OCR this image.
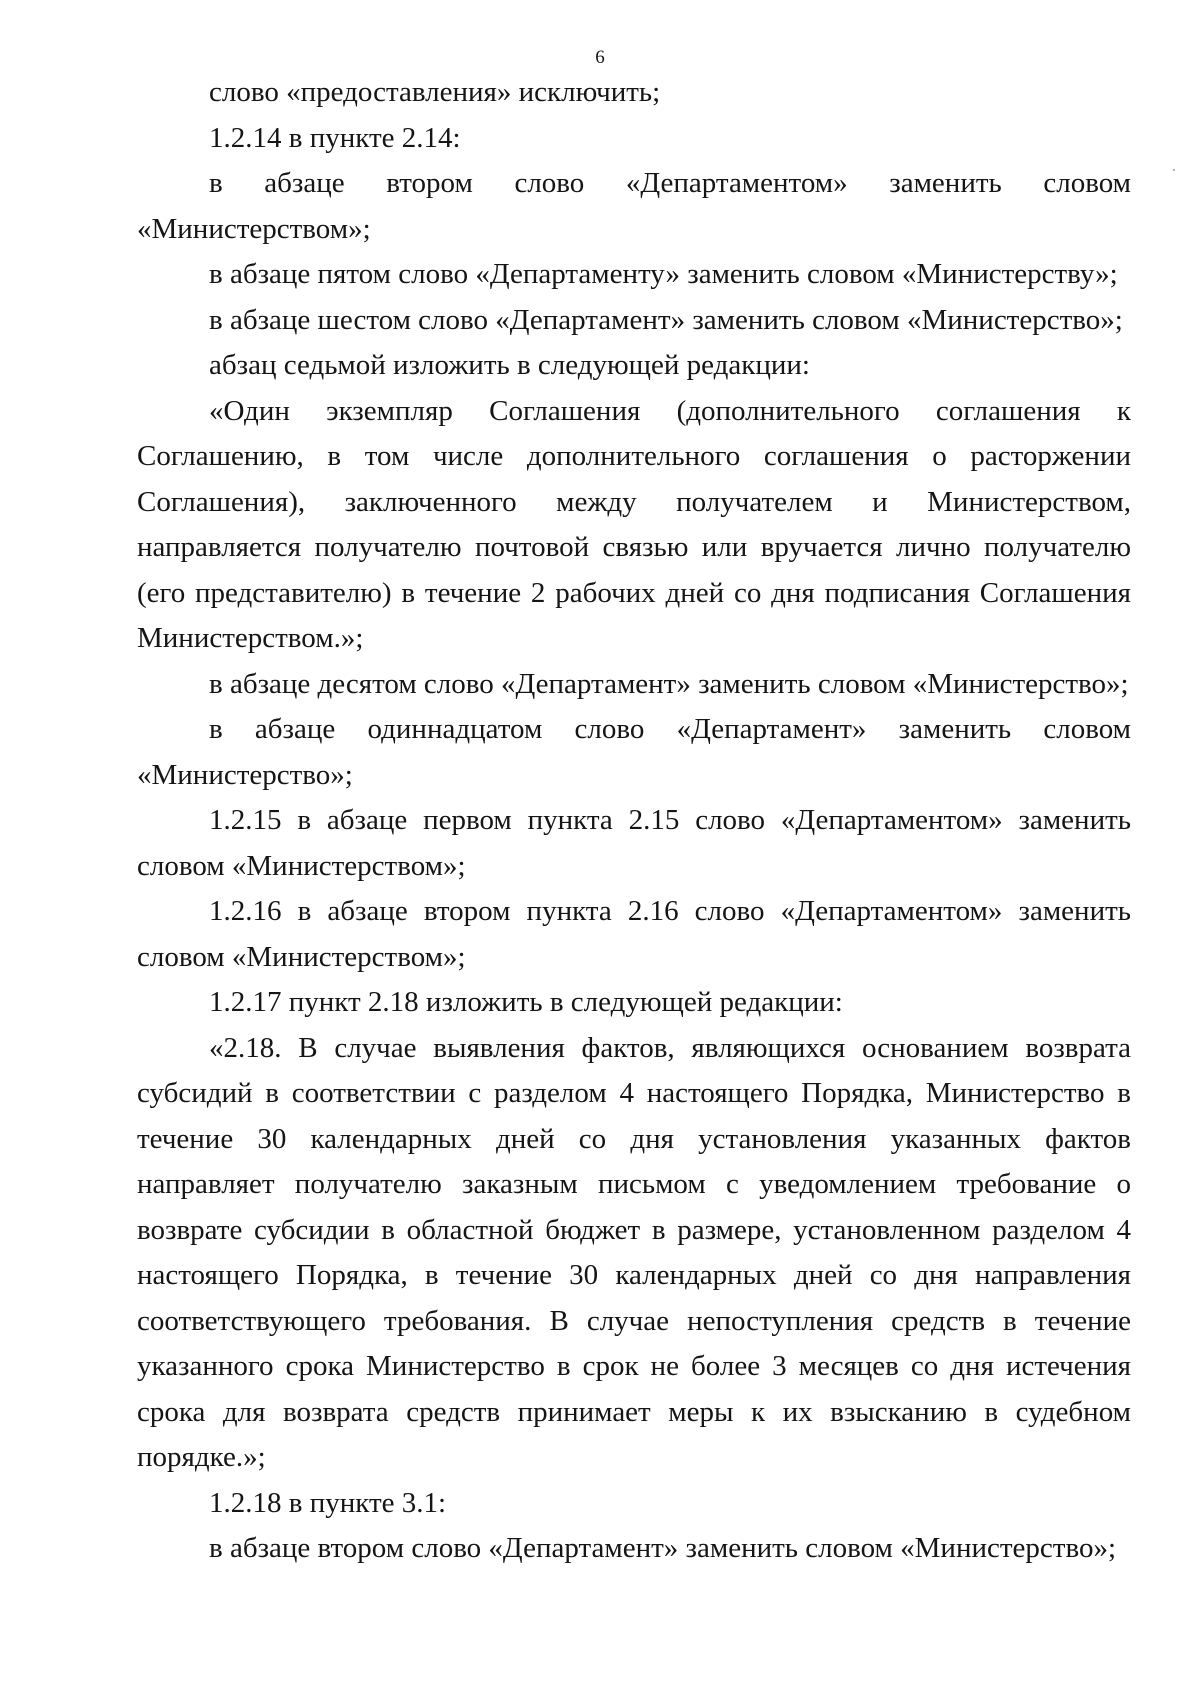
6

слово «предоставления» исключить;

1.2.14 в пункте 2.14:

в абзаце втором слово «Департаментом» заменить словом «Министерством»;

в абзаце пятом слово «Департаменту» заменить словом «Министерству»;

в абзаце шестом слово «Департамент» заменить словом «Министерство»;

абзац седьмой изложить в следующей редакции:

«Один экземпляр Соглашения (дополнительного соглашения к Соглашению, в том числе дополнительного соглашения о расторжении Соглашения), заключенного между получателем и Министерством, направляется получателю почтовой связью или вручается лично получателю (его представителю) в течение 2 рабочих дней со дня подписания Соглашения Министерством.»;

в абзаце десятом слово «Департамент» заменить словом «Министерство»;

в абзаце одиннадцатом слово «Департамент» заменить словом «Министерство»;

1.2.15 в абзаце первом пункта 2.15 слово «Департаментом» заменить словом «Министерством»;

1.2.16 в абзаце втором пункта 2.16 слово «Департаментом» заменить словом «Министерством»;

1.2.17 пункт 2.18 изложить в следующей редакции:

«2.18. В случае выявления фактов, являющихся основанием возврата субсидий в соответствии с разделом 4 настоящего Порядка, Министерство в течение 30 календарных дней со дня установления указанных фактов направляет получателю заказным письмом с уведомлением требование о возврате субсидии в областной бюджет в размере, установленном разделом 4 настоящего Порядка, в течение 30 календарных дней со дня направления соответствующего требования. В случае непоступления средств в течение указанного срока Министерство в срок не более 3 месяцев со дня истечения срока для возврата средств принимает меры к их взысканию в судебном порядке.»;

1.2.18 в пункте 3.1:

в абзаце втором слово «Департамент» заменить словом «Министерство»;
